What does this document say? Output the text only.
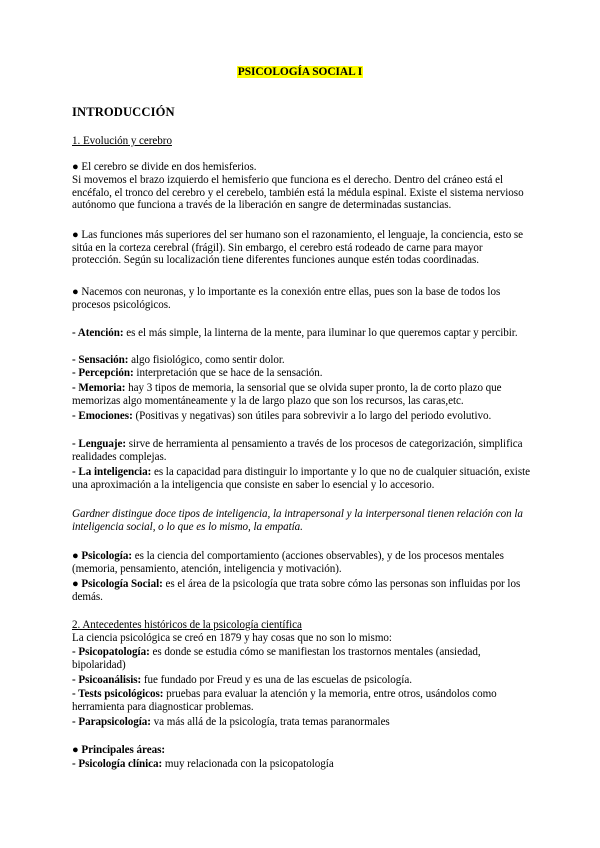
PSICOLOGÍA SOCIAL I
INTRODUCCIÓN
1. Evolución y cerebro

● El cerebro se divide en dos hemisferios.

Si movemos el brazo izquierdo el hemisferio que funciona es el derecho. Dentro del cráneo está el encéfalo, el tronco del cerebro y el cerebelo, también está la médula espinal. Existe el sistema nervioso autónomo que funciona a través de la liberación en sangre de determinadas sustancias.

● Las funciones más superiores del ser humano son el razonamiento, el lenguaje, la conciencia, esto se sitúa en la corteza cerebral (frágil). Sin embargo, el cerebro está rodeado de carne para mayor protección. Según su localización tiene diferentes funciones aunque estén todas coordinadas.

● Nacemos con neuronas, y lo importante es la conexión entre ellas, pues son la base de todos los procesos psicológicos.

- Atención: es el más simple, la linterna de la mente, para iluminar lo que queremos captar y percibir.

- Sensación: algo fisiológico, como sentir dolor.

- Percepción: interpretación que se hace de la sensación.

- Memoria: hay 3 tipos de memoria, la sensorial que se olvida super pronto, la de corto plazo que memorizas algo momentáneamente y la de largo plazo que son los recursos, las caras,etc.

- Emociones: (Positivas y negativas) son útiles para sobrevivir a lo largo del periodo evolutivo.

- Lenguaje: sirve de herramienta al pensamiento a través de los procesos de categorización, simplifica realidades complejas.

- La inteligencia: es la capacidad para distinguir lo importante y lo que no de cualquier situación, existe una aproximación a la inteligencia que consiste en saber lo esencial y lo accesorio.

Gardner distingue doce tipos de inteligencia, la intrapersonal y la interpersonal tienen relación con la inteligencia social, o lo que es lo mismo, la empatía.

● Psicología: es la ciencia del comportamiento (acciones observables), y de los procesos mentales (memoria, pensamiento, atención, inteligencia y motivación).

● Psicología Social: es el área de la psicología que trata sobre cómo las personas son influidas por los demás.

2. Antecedentes históricos de la psicología científica

La ciencia psicológica se creó en 1879 y hay cosas que no son lo mismo:

- Psicopatología: es donde se estudia cómo se manifiestan los trastornos mentales (ansiedad, bipolaridad)

- Psicoanálisis: fue fundado por Freud y es una de las escuelas de psicología.

- Tests psicológicos: pruebas para evaluar la atención y la memoria, entre otros, usándolos como herramienta para diagnosticar problemas.

- Parapsicología: va más allá de la psicología, trata temas paranormales

● Principales áreas:

- Psicología clínica: muy relacionada con la psicopatología
